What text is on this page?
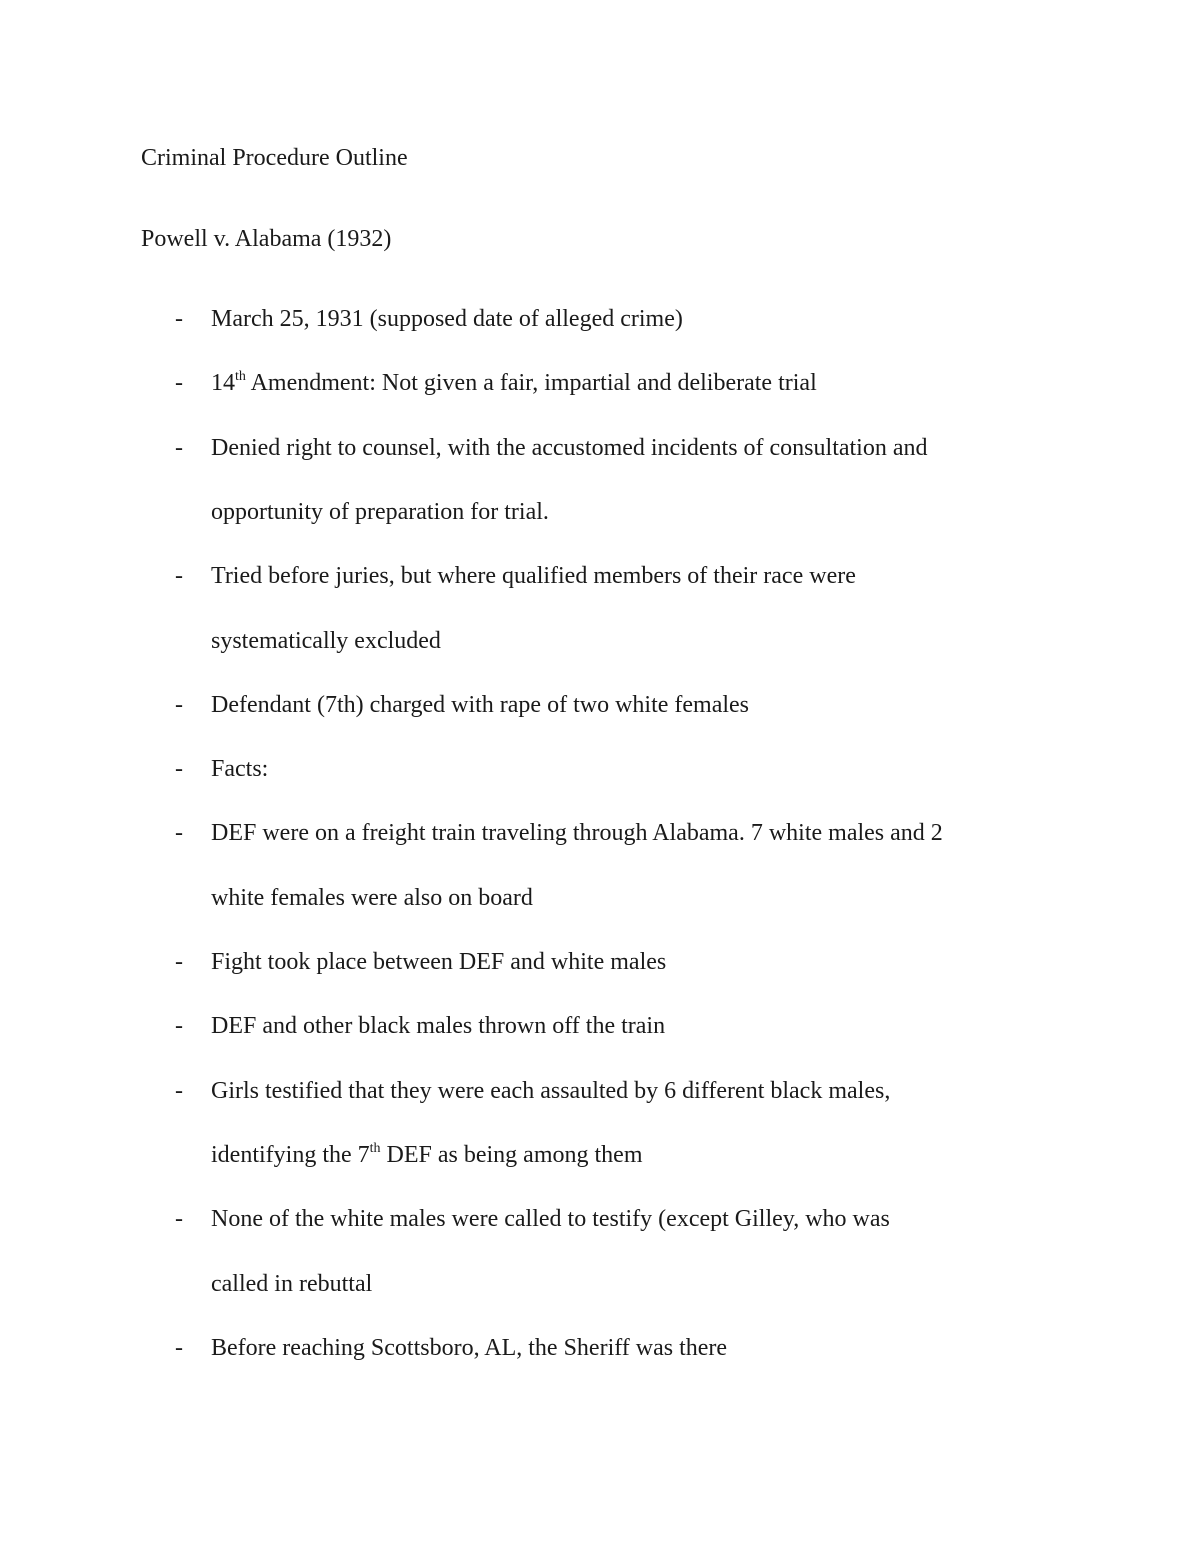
Criminal Procedure Outline
Powell v. Alabama (1932)
- March 25, 1931 (supposed date of alleged crime)
- 14th Amendment: Not given a fair, impartial and deliberate trial
- Denied right to counsel, with the accustomed incidents of consultation and
opportunity of preparation for trial.
- Tried before juries, but where qualified members of their race were
systematically excluded
- Defendant (7th) charged with rape of two white females
- Facts:
- DEF were on a freight train traveling through Alabama. 7 white males and 2
white females were also on board
- Fight took place between DEF and white males
- DEF and other black males thrown off the train
- Girls testified that they were each assaulted by 6 different black males,
identifying the 7th DEF as being among them
- None of the white males were called to testify (except Gilley, who was
called in rebuttal
- Before reaching Scottsboro, AL, the Sheriff was there
